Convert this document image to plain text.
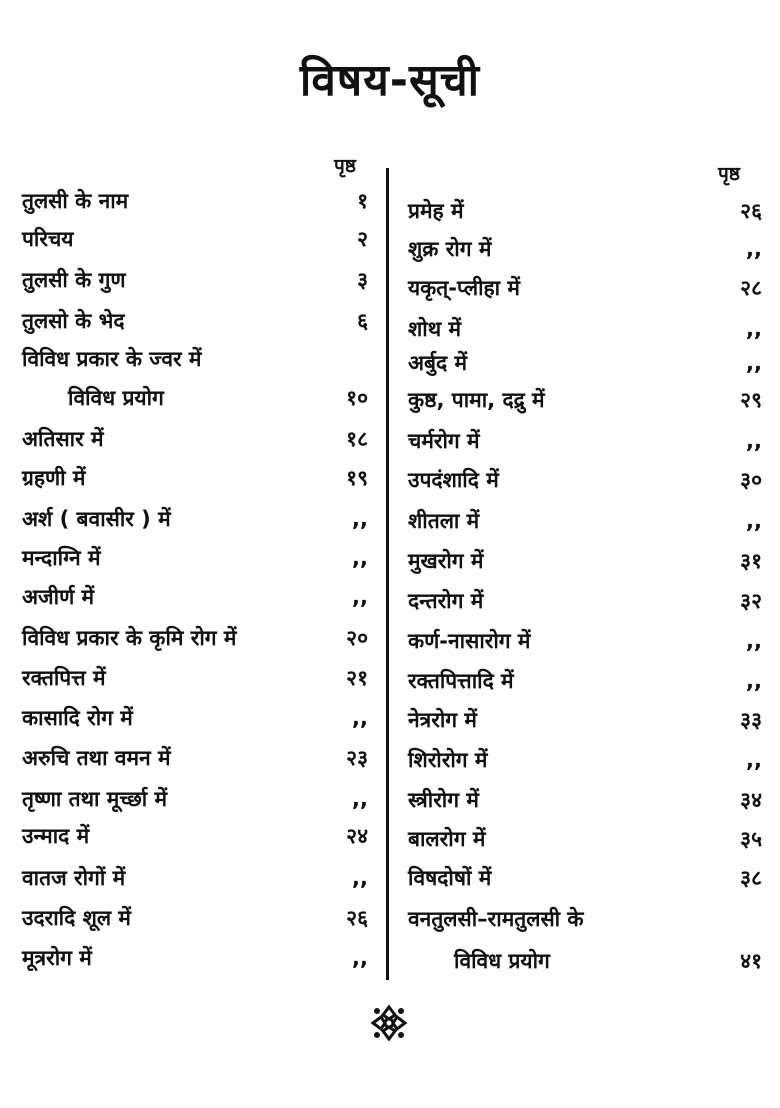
विषय-सूची
पृष्ठ
तुलसी के नाम	१
परिचय	२
तुलसी के गुण	३
तुलसो के भेद	६
विविध प्रकार के ज्वर में
विविध प्रयोग	१०
अतिसार में	१८
ग्रहणी में	१९
अर्श ( बवासीर ) में	,,
मन्दाग्नि में	,,
अजीर्ण में	,,
विविध प्रकार के कृमि रोग में	२०
रक्तपित्त में	२१
कासादि रोग में	,,
अरुचि तथा वमन में	२३
तृष्णा तथा मूर्च्छा में	,,
उन्माद में	२४
वातज रोगों में	,,
उदरादि शूल में	२६
मूत्ररोग में	,,
पृष्ठ
प्रमेह में	२६
शुक्र रोग में	,,
यकृत्-प्लीहा में	२८
शोथ में	,,
अर्बुद में	,,
कुष्ठ, पामा, दद्रु में	२९
चर्मरोग में	,,
उपदंशादि में	३०
शीतला में	,,
मुखरोग में	३१
दन्तरोग में	३२
कर्ण-नासारोग में	,,
रक्तपित्तादि में	,,
नेत्ररोग में	३३
शिरोरोग में	,,
स्त्रीरोग में	३४
बालरोग में	३५
विषदोषों में	३८
वनतुलसी–रामतुलसी के
विविध प्रयोग	४१
